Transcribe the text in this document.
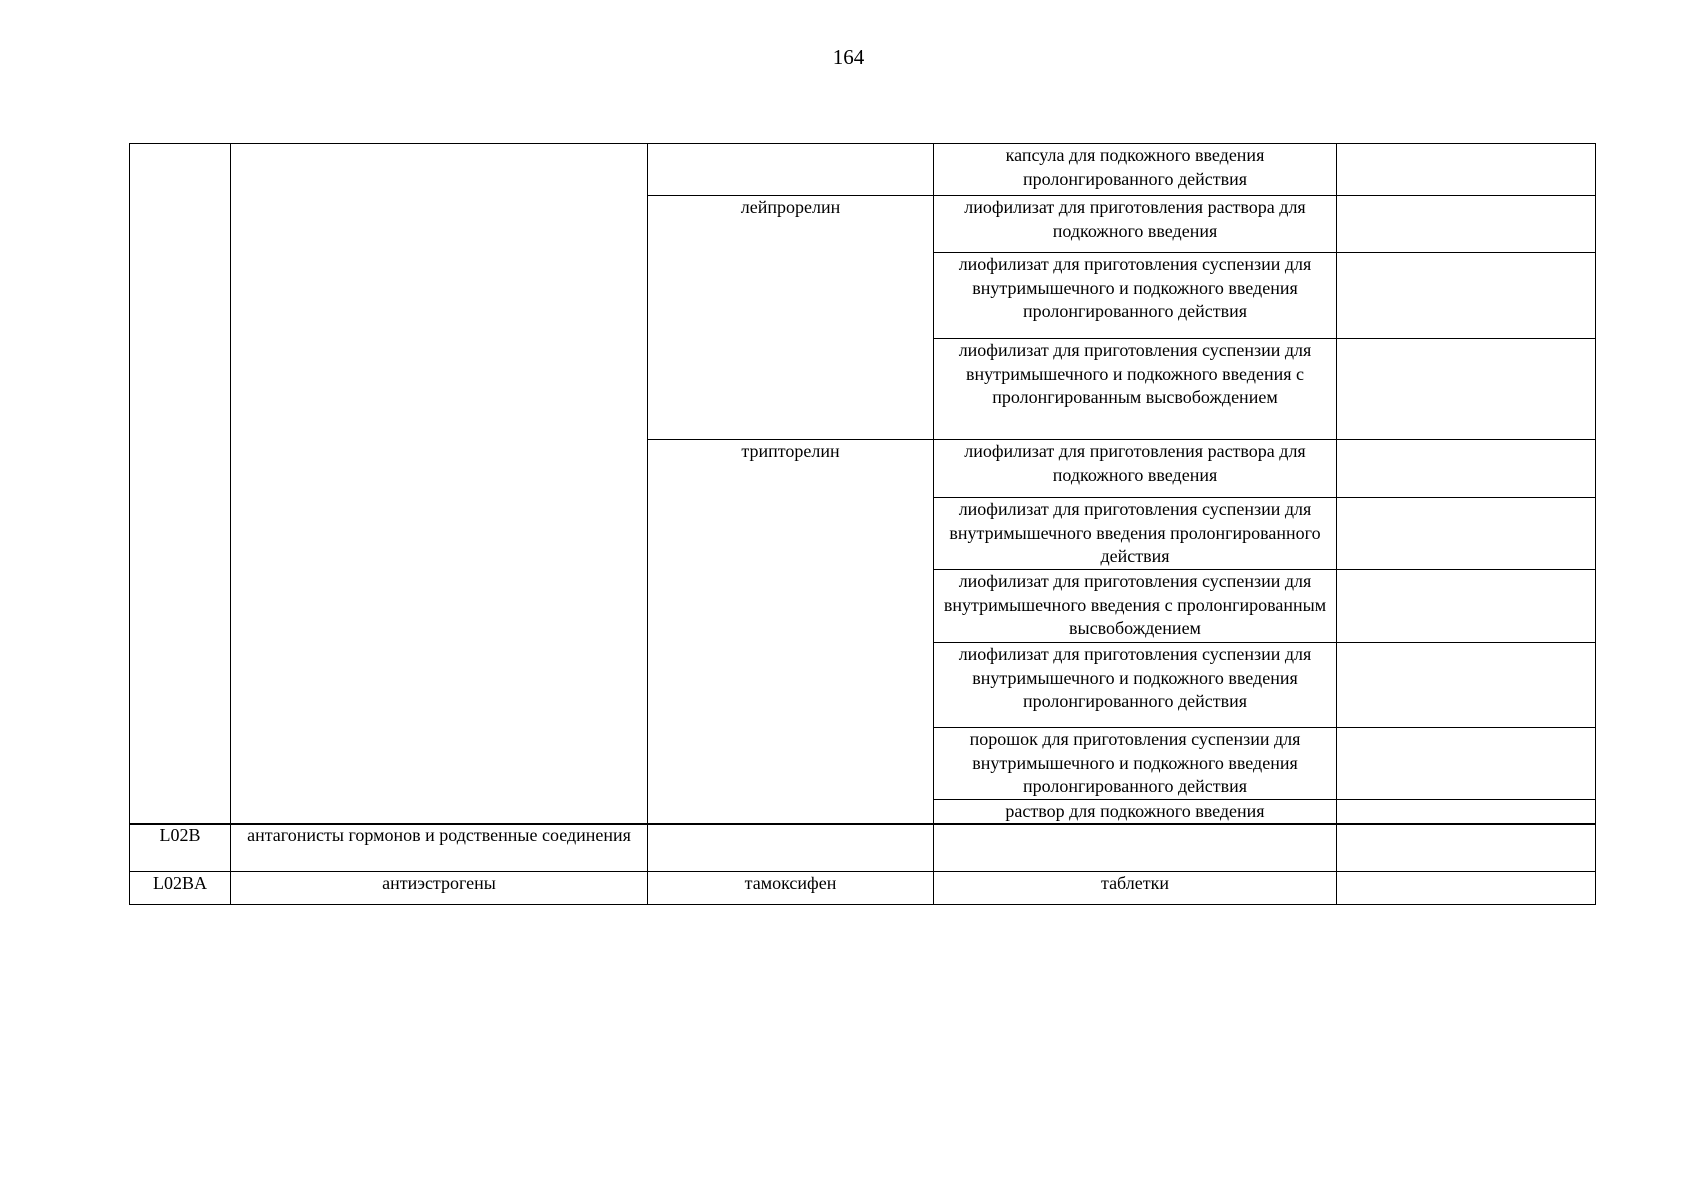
164
			капсула для подкожного введения пролонгированного действия	
		лейпрорелин	лиофилизат для приготовления раствора для подкожного введения	
			лиофилизат для приготовления суспензии для внутримышечного и подкожного введения пролонгированного действия	
			лиофилизат для приготовления суспензии для внутримышечного и подкожного введения с пролонгированным высвобождением	
		трипторелин	лиофилизат для приготовления раствора для подкожного введения	
			лиофилизат для приготовления суспензии для внутримышечного введения пролонгированного действия	
			лиофилизат для приготовления суспензии для внутримышечного введения с пролонгированным высвобождением	
			лиофилизат для приготовления суспензии для внутримышечного и подкожного введения пролонгированного действия	
			порошок для приготовления суспензии для внутримышечного и подкожного введения пролонгированного действия	
			раствор для подкожного введения	
L02B	антагонисты гормонов и родственные соединения			
L02BA	антиэстрогены	тамоксифен	таблетки	
